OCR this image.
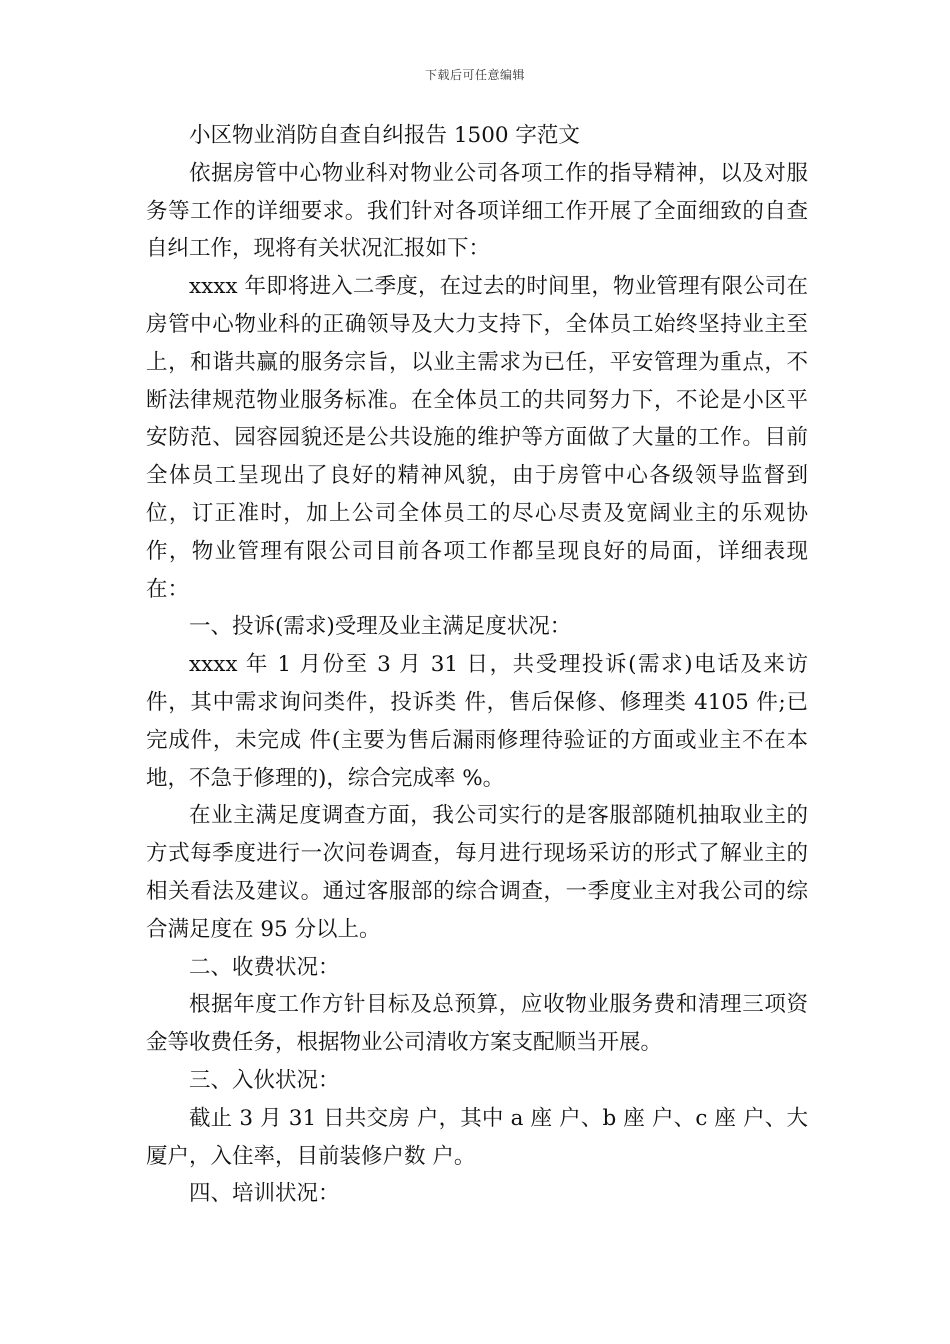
下载后可任意编辑

小区物业消防自查自纠报告 1500 字范文

依据房管中心物业科对物业公司各项工作的指导精神，以及对服务等工作的详细要求。我们针对各项详细工作开展了全面细致的自查自纠工作，现将有关状况汇报如下：

xxxx 年即将进入二季度，在过去的时间里，物业管理有限公司在房管中心物业科的正确领导及大力支持下，全体员工始终坚持业主至上，和谐共赢的服务宗旨，以业主需求为已任，平安管理为重点，不断法律规范物业服务标准。在全体员工的共同努力下，不论是小区平安防范、园容园貌还是公共设施的维护等方面做了大量的工作。目前全体员工呈现出了良好的精神风貌，由于房管中心各级领导监督到位，订正准时，加上公司全体员工的尽心尽责及宽阔业主的乐观协作，物业管理有限公司目前各项工作都呈现良好的局面，详细表现在：

一、投诉(需求)受理及业主满足度状况：

xxxx 年 1 月份至 3 月 31 日，共受理投诉(需求)电话及来访 件，其中需求询问类件，投诉类 件，售后保修、修理类 4105 件;已完成件，未完成 件(主要为售后漏雨修理待验证的方面或业主不在本地，不急于修理的)，综合完成率 %。

在业主满足度调查方面，我公司实行的是客服部随机抽取业主的方式每季度进行一次问卷调查，每月进行现场采访的形式了解业主的相关看法及建议。通过客服部的综合调查，一季度业主对我公司的综合满足度在 95 分以上。

二、收费状况：

根据年度工作方针目标及总预算，应收物业服务费和清理三项资金等收费任务，根据物业公司清收方案支配顺当开展。

三、入伙状况：

截止 3 月 31 日共交房 户，其中 a 座 户、b 座 户、c 座 户、大厦户，入住率，目前装修户数 户。

四、培训状况：
